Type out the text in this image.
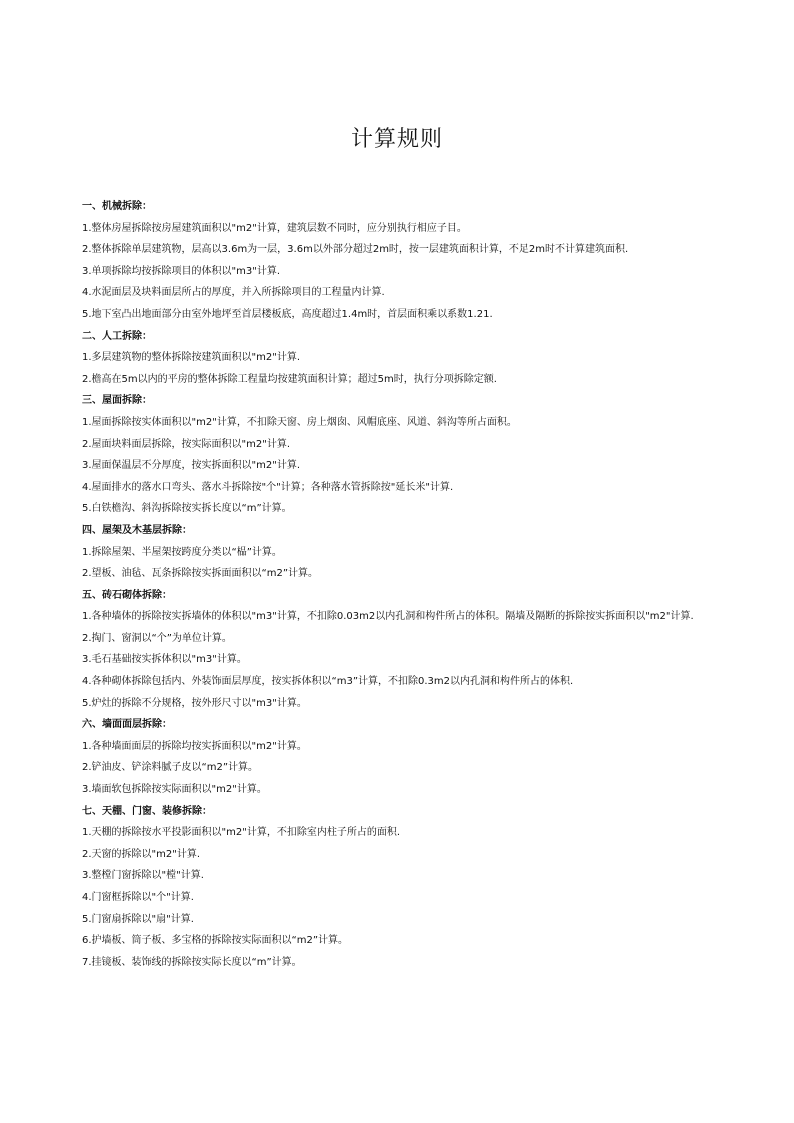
计算规则
一、机械拆除：
1.整体房屋拆除按房屋建筑面积以"m2"计算，建筑层数不同时，应分别执行相应子目。
2.整体拆除单层建筑物，层高以3.6m为一层，3.6m以外部分超过2m时，按一层建筑面积计算，不足2m时不计算建筑面积.
3.单项拆除均按拆除项目的体积以"m3"计算.
4.水泥面层及块料面层所占的厚度，并入所拆除项目的工程量内计算.
5.地下室凸出地面部分由室外地坪至首层楼板底，高度超过1.4m时，首层面积乘以系数1.21.
二、人工拆除：
1.多层建筑物的整体拆除按建筑面积以"m2"计算.
2.檐高在5m以内的平房的整体拆除工程量均按建筑面积计算；超过5m时，执行分项拆除定额.
三、屋面拆除：
1.屋面拆除按实体面积以"m2"计算，不扣除天窗、房上烟囱、风帽底座、风道、斜沟等所占面积。
2.屋面块料面层拆除，按实际面积以"m2"计算.
3.屋面保温层不分厚度，按实拆面积以"m2"计算.
4.屋面排水的落水口弯头、落水斗拆除按"个"计算；各种落水管拆除按"延长米"计算.
5.白铁檐沟、斜沟拆除按实拆长度以“m”计算。
四、屋架及木基层拆除：
1.拆除屋架、半屋架按跨度分类以“榀”计算。
2.望板、油毡、瓦条拆除按实拆面面积以“m2”计算。
五、砖石砌体拆除：
1.各种墙体的拆除按实拆墙体的体积以"m3"计算，不扣除0.03m2以内孔洞和构件所占的体积。隔墙及隔断的拆除按实拆面积以"m2"计算.
2.掏门、窗洞以“个”为单位计算。
3.毛石基础按实拆体积以"m3"计算。
4.各种砌体拆除包括内、外装饰面层厚度，按实拆体积以“m3”计算，不扣除0.3m2以内孔洞和构件所占的体积.
5.炉灶的拆除不分规格，按外形尺寸以"m3"计算。
六、墙面面层拆除：
1.各种墙面面层的拆除均按实拆面积以"m2"计算。
2.铲油皮、铲涂料腻子皮以“m2”计算。
3.墙面软包拆除按实际面积以"m2"计算。
七、天棚、门窗、装修拆除：
1.天棚的拆除按水平投影面积以"m2"计算，不扣除室内柱子所占的面积.
2.天窗的拆除以"m2"计算.
3.整樘门窗拆除以"樘"计算.
4.门窗框拆除以"个"计算.
5.门窗扇拆除以"扇"计算.
6.护墙板、筒子板、多宝格的拆除按实际面积以“m2”计算。
7.挂镜板、装饰线的拆除按实际长度以“m”计算。
